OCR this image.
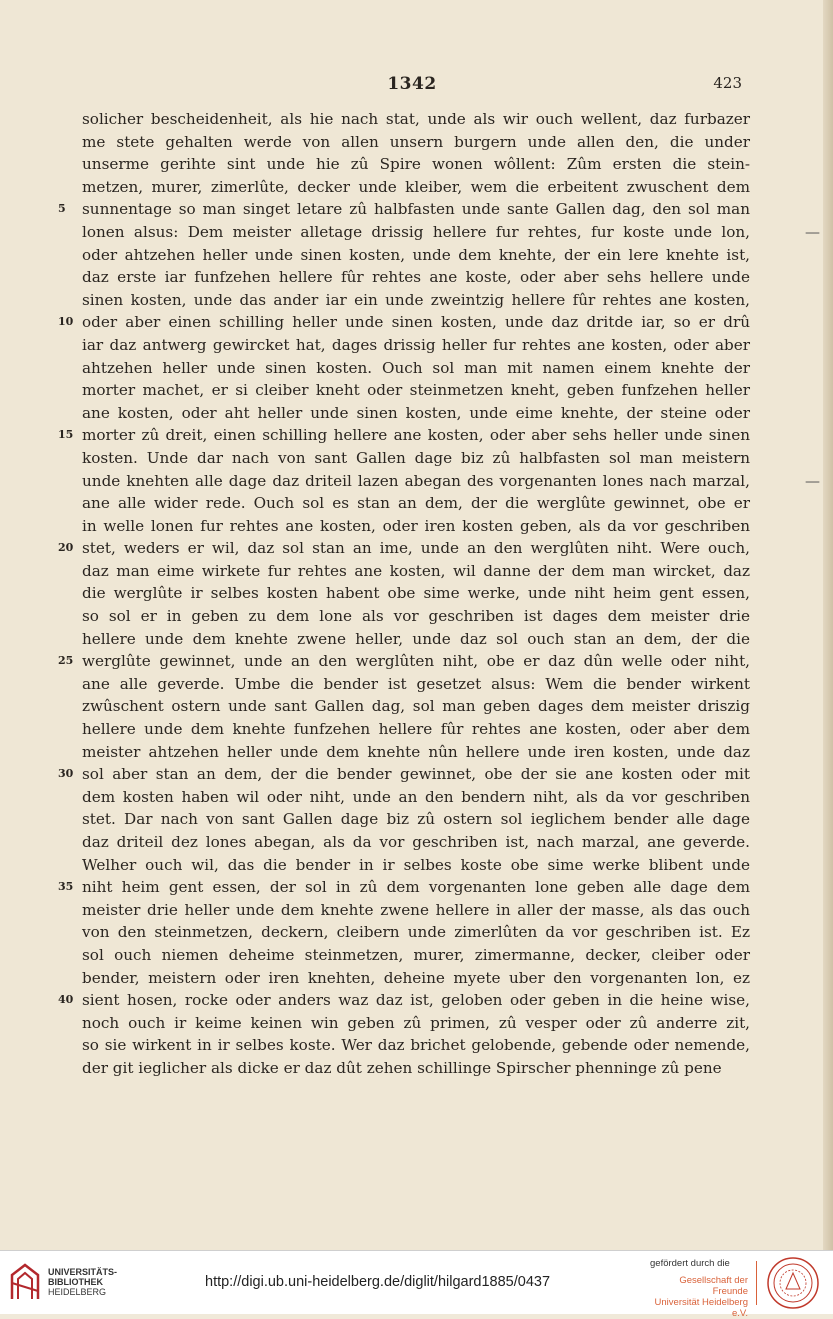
1342	423
solicher bescheidenheit, als hie nach stat, unde als wir ouch wellent, daz furbazer
me stete gehalten werde von allen unsern burgern unde allen den, die under
unserme gerihte sint unde hie zû Spire wonen wôllent: Zûm ersten die stein-
metzen, murer, zimerlûte, decker unde kleiber, wem die erbeitent zwuschent dem
5	sunnentage so man singet letare zû halbfasten unde sante Gallen dag, den sol man
lonen alsus: Dem meister alletage drissig hellere fur rehtes, fur koste unde lon,	—
oder ahtzehen heller unde sinen kosten, unde dem knehte, der ein lere knehte ist,
daz erste iar funfzehen hellere fûr rehtes ane koste, oder aber sehs hellere unde
sinen kosten, unde das ander iar ein unde zweintzig hellere fûr rehtes ane kosten,
10 oder aber einen schilling heller unde sinen kosten, unde daz dritde iar, so er drû
iar daz antwerg gewircket hat, dages drissig heller fur rehtes ane kosten, oder aber
ahtzehen heller unde sinen kosten. Ouch sol man mit namen einem knehte der
morter machet, er si cleiber kneht oder steinmetzen kneht, geben funfzehen heller
ane kosten, oder aht heller unde sinen kosten, unde eime knehte, der steine oder
15 morter zû dreit, einen schilling hellere ane kosten, oder aber sehs heller unde sinen
kosten. Unde dar nach von sant Gallen dage biz zû halbfasten sol man meistern
unde knehten alle dage daz driteil lazen abegan des vorgenanten lones nach marzal,	—
ane alle wider rede. Ouch sol es stan an dem, der die werglûte gewinnet, obe er
in welle lonen fur rehtes ane kosten, oder iren kosten geben, als da vor geschriben
20 stet, weders er wil, daz sol stan an ime, unde an den werglûten niht. Were ouch,
daz man eime wirkete fur rehtes ane kosten, wil danne der dem man wircket, daz
die werglûte ir selbes kosten habent obe sime werke, unde niht heim gent essen,
so sol er in geben zu dem lone als vor geschriben ist dages dem meister drie
hellere unde dem knehte zwene heller, unde daz sol ouch stan an dem, der die
25 werglûte gewinnet, unde an den werglûten niht, obe er daz dûn welle oder niht,
ane alle geverde. Umbe die bender ist gesetzet alsus: Wem die bender wirkent
zwûschent ostern unde sant Gallen dag, sol man geben dages dem meister driszig
hellere unde dem knehte funfzehen hellere fûr rehtes ane kosten, oder aber dem
meister ahtzehen heller unde dem knehte nûn hellere unde iren kosten, unde daz
30 sol aber stan an dem, der die bender gewinnet, obe der sie ane kosten oder mit
dem kosten haben wil oder niht, unde an den bendern niht, als da vor geschriben
stet. Dar nach von sant Gallen dage biz zû ostern sol ieglichem bender alle dage
daz driteil dez lones abegan, als da vor geschriben ist, nach marzal, ane geverde.
Welher ouch wil, das die bender in ir selbes koste obe sime werke blibent unde
35 niht heim gent essen, der sol in zû dem vorgenanten lone geben alle dage dem
meister drie heller unde dem knehte zwene hellere in aller der masse, als das ouch
von den steinmetzen, deckern, cleibern unde zimerlûten da vor geschriben ist. Ez
sol ouch niemen deheime steinmetzen, murer, zimermanne, decker, cleiber oder
bender, meistern oder iren knehten, deheine myete uber den vorgenanten lon, ez
40 sient hosen, rocke oder anders waz daz ist, geloben oder geben in die heine wise,
noch ouch ir keime keinen win geben zû primen, zû vesper oder zû anderre zit,
so sie wirkent in ir selbes koste. Wer daz brichet gelobende, gebende oder nemende,
der git ieglicher als dicke er daz dût zehen schillinge Spirscher phenninge zû pene
UNIVERSITÄTS-
BIBLIOTHEK
HEIDELBERG
http://digi.ub.uni-heidelberg.de/diglit/hilgard1885/0437
gefördert durch die
Gesellschaft der Freunde
Universität Heidelberg e.V.
